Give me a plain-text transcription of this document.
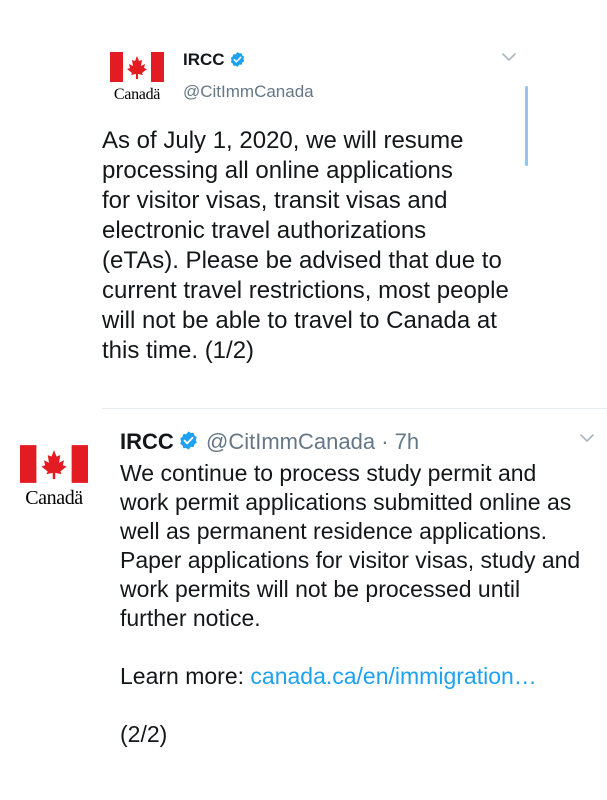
Canadä
IRCC
@CitImmCanada
As of July 1, 2020, we will resume
processing all online applications
for visitor visas, transit visas and
electronic travel authorizations
(eTAs). Please be advised that due to
current travel restrictions, most people
will not be able to travel to Canada at
this time. (1/2)
Canadä
IRCC @CitImmCanada · 7h
We continue to process study permit and
work permit applications submitted online as
well as permanent residence applications.
Paper applications for visitor visas, study and
work permits will not be processed until
further notice.
Learn more: canada.ca/en/immigration…
(2/2)
